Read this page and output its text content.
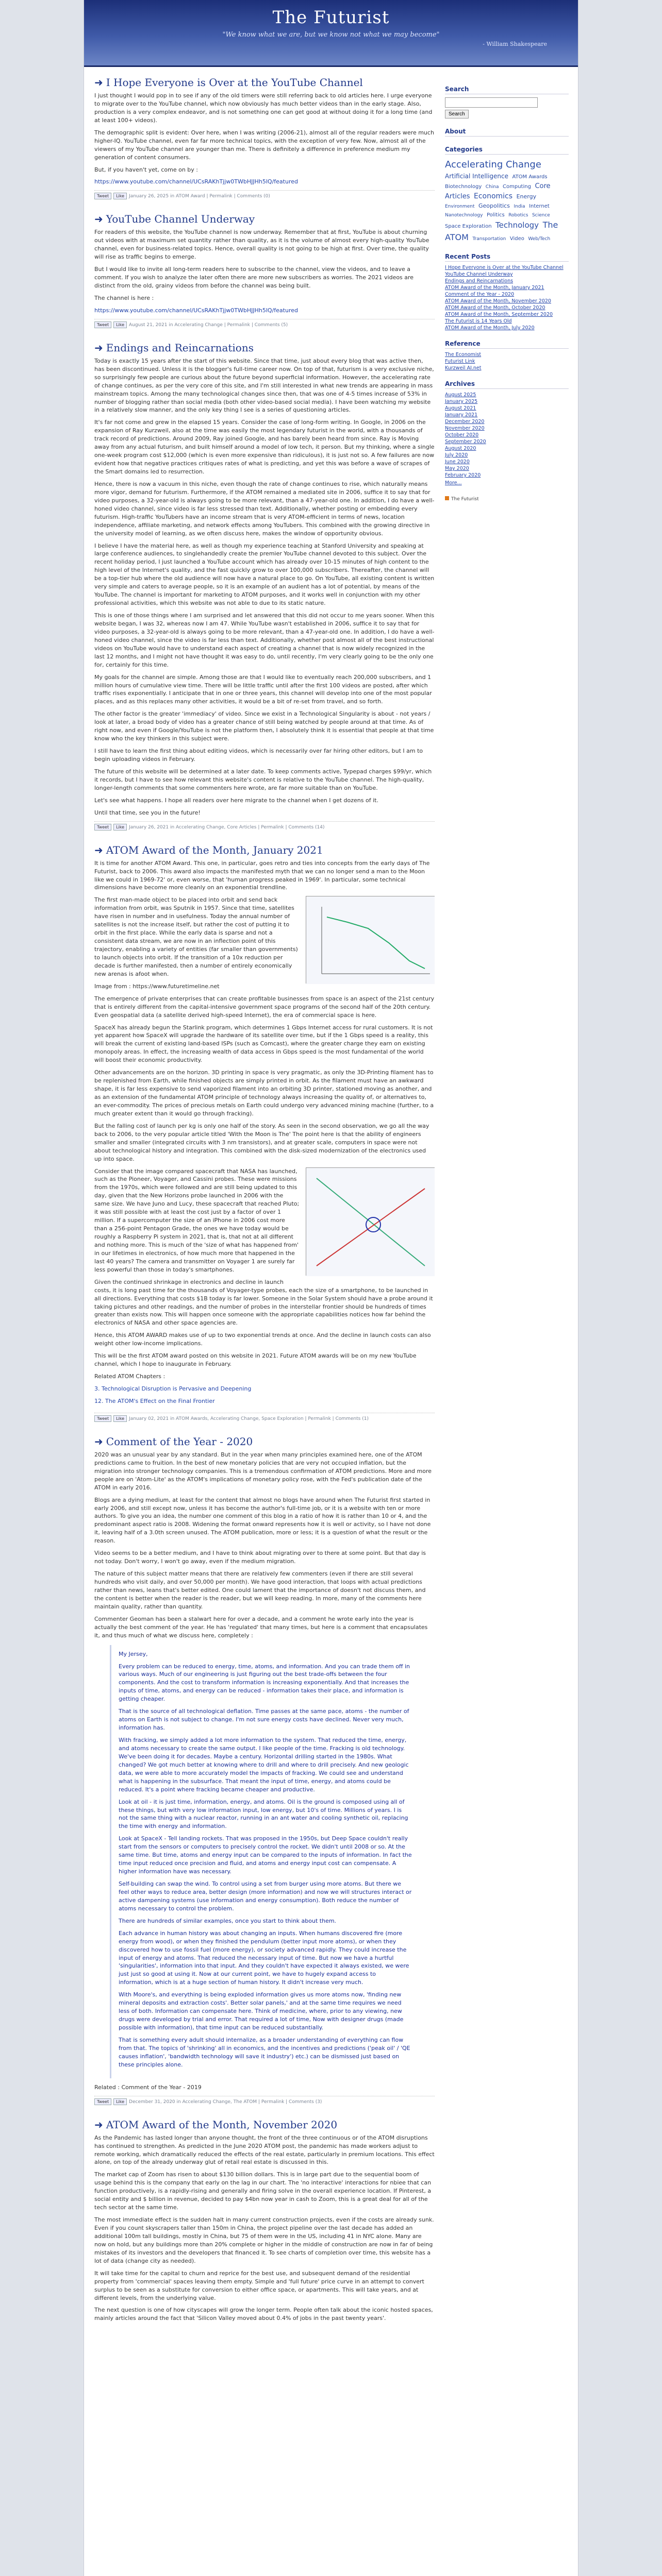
The Futurist
"We know what we are, but we know not what we may become"
- William Shakespeare
➜ I Hope Everyone is Over at the YouTube Channel

I just thought I would pop in to see if any of the old timers were still referring back to old articles here. I urge everyone to migrate over to the YouTube channel, which now obviously has much better videos than in the early stage. Also, production is a very complex endeavor, and is not something one can get good at without doing it for a long time (and at least 100+ videos).

The demographic split is evident: Over here, when I was writing (2006-21), almost all of the regular readers were much higher-IQ. YouTube channel, even far far more technical topics, with the exception of very few. Now, almost all of the viewers of my YouTube channel are younger than me. There is definitely a difference in preference medium my generation of content consumers.

But, if you haven't yet, come on by :

https://www.youtube.com/channel/UCsRAKhTjjw0TWbHJJHh5lQ/featured

Tweet Like January 26, 2025 in ATOM Award | Permalink | Comments (0)
➜ YouTube Channel Underway

For readers of this website, the YouTube channel is now underway. Remember that at first, YouTube is about churning out videos with at maximum set quantity rather than quality, as it is the volume of almost every high-quality YouTube channel, even for business-related topics. Hence, overall quality is not going to be high at first. Over time, the quality will rise as traffic begins to emerge.

But I would like to invite all long-term readers here to subscribe to the channel, view the videos, and to leave a comment. If you wish to analyze the later often there are more new subscribers as worries. The 2021 videos are distinct from the old, grainy videos from before the channel was being built.

The channel is here :

https://www.youtube.com/channel/UCsRAKhTjjw0TWbHJJHh5lQ/featured

Tweet Like August 21, 2021 in Accelerating Change | Permalink | Comments (5)
➜ Endings and Reincarnations

Today is exactly 15 years after the start of this website. Since that time, just about every blog that was active then, has been discontinued. Unless it is the blogger's full-time career now. On top of that, futurism is a very exclusive niche, so surprisingly few people are curious about the future beyond superficial information. However, the accelerating rate of change continues, as per the very core of this site, and I'm still interested in what new trends are appearing in mass mainstream topics. Among the many technological changes since then, that was one of 4-5 times increase of 53% in number of blogging rather than social media (both other video-based social media). I have been watching my website in a relatively slow manner, and the only key thing I see is a series of questioning articles.

It's far not come and grew in the elapsed 15 years. Consider the case of long-form writing. In Google, in 2006 on the expansion of Ray Kurzweil, also at the time was easily the most legendary futurist in the world, with a thousands of track record of predictions. Around 2009, Ray joined Google, and has barely been heard from since. Ray is Moving away from any actual futurism, and built himself around a model of low tech, it person. But my thinking, where a single one-week program cost $12,000 (which is even more expensive than ridiculous), it is just not so. A few failures are now evident how that negative practices critiques rates of what is predicting, and yet this was before a wave of scrapes of the Smart domains led to resurrection.

Hence, there is now a vacuum in this niche, even though the rate of change continues to rise, which naturally means more vigor, demand for futurism. Furthermore, if the ATOM remained a mediated site in 2006, suffice it to say that for video purposes, a 32-year-old is always going to be more relevant, than a 47-year-old one. In addition, I do have a well-honed video channel, since video is far less stressed than text. Additionally, whether posting or embedding every futurism. High-traffic YouTubers have an income stream that is very ATOM-efficient in terms of news, location independence, affiliate marketing, and network effects among YouTubers. This combined with the growing directive in the university model of learning, as we often discuss here, makes the window of opportunity obvious.

I believe I have the material here, as well as though my experience teaching at Stanford University and speaking at large conference audiences, to singlehandedly create the premier YouTube channel devoted to this subject. Over the recent holiday period, I just launched a YouTube account which has already over 10-15 minutes of high content to the high level of the Internet's quality, and the fast quickly grow to over 100,000 subscribers. Thereafter, the channel will be a top-tier hub where the old audience will now have a natural place to go. On YouTube, all existing content is written very simple and caters to average people, so it is an example of an audient has a lot of potential, by means of the YouTube. The channel is important for marketing to ATOM purposes, and it works well in conjunction with my other professional activities, which this website was not able to due to its static nature.

This is one of those things where I am surprised and let answered that this did not occur to me years sooner. When this website began, I was 32, whereas now I am 47. While YouTube wasn't established in 2006, suffice it to say that for video purposes, a 32-year-old is always going to be more relevant, than a 47-year-old one. In addition, I do have a well-honed video channel, since the video is far less than text. Additionally, whether post almost all of the best instructional videos on YouTube would have to understand each aspect of creating a channel that is now widely recognized in the last 12 months, and I might not have thought it was easy to do, until recently, I'm very clearly going to be the only one for, certainly for this time.

My goals for the channel are simple. Among those are that I would like to eventually reach 200,000 subscribers, and 1 million hours of cumulative view time. There will be little traffic until after the first 100 videos are posted, after which traffic rises exponentially. I anticipate that in one or three years, this channel will develop into one of the most popular places, and as this replaces many other activities, it would be a bit of re-set from travel, and so forth.

The other factor is the greater 'immediacy' of video. Since we exist in a Technological Singularity is about - not years / look at later, a broad body of video has a greater chance of still being watched by people around at that time. As of right now, and even if Google/YouTube is not the platform then, I absolutely think it is essential that people at that time know who the key thinkers in this subject were.

I still have to learn the first thing about editing videos, which is necessarily over far hiring other editors, but I am to begin uploading videos in February.

The future of this website will be determined at a later date. To keep comments active, Typepad charges $99/yr, which it records, but I have to see how relevant this website's content is relative to the YouTube channel. The high-quality, longer-length comments that some commenters here wrote, are far more suitable than on YouTube.

Let's see what happens. I hope all readers over here migrate to the channel when I get dozens of it.

Until that time, see you in the future!

Tweet Like January 26, 2021 in Accelerating Change, Core Articles | Permalink | Comments (14)
➜ ATOM Award of the Month, January 2021

It is time for another ATOM Award. This one, in particular, goes retro and ties into concepts from the early days of The Futurist, back to 2006. This award also impacts the manifested myth that we can no longer send a man to the Moon like we could in 1969-72' or, even worse, that 'human progress peaked in 1969'. In particular, some technical dimensions have become more cleanly on an exponential trendline.

The first man-made object to be placed into orbit and send back information from orbit, was Sputnik in 1957. Since that time, satellites have risen in number and in usefulness. Today the annual number of satellites is not the increase itself, but rather the cost of putting it to orbit in the first place. While the early data is sparse and not a consistent data stream, we are now in an inflection point of this trajectory, enabling a variety of entities (far smaller than governments) to launch objects into orbit. If the transition of a 10x reduction per decade is further manifested, then a number of entirely economically new arenas is afoot when.

Image from : https://www.futuretimeline.net

The emergence of private enterprises that can create profitable businesses from space is an aspect of the 21st century that is entirely different from the capital-intensive government space programs of the second half of the 20th century. Even geospatial data (a satellite derived high-speed Internet), the era of commercial space is here.

SpaceX has already begun the Starlink program, which determines 1 Gbps Internet access for rural customers. It is not yet apparent how SpaceX will upgrade the hardware of its satellite over time, but if the 1 Gbps speed is a reality, this will break the current of existing land-based ISPs (such as Comcast), where the greater charge they earn on existing monopoly areas. In effect, the increasing wealth of data access in Gbps speed is the most fundamental of the world will boost their economic productivity.

Other advancements are on the horizon. 3D printing in space is very pragmatic, as only the 3D-Printing filament has to be replenished from Earth, while finished objects are simply printed in orbit. As the filament must have an awkward shape, it is far less expensive to send vaporized filament into an orbiting 3D printer, stationed moving as another, and as an extension of the fundamental ATOM principle of technology always increasing the quality of, or alternatives to, an ever-commodity. The prices of precious metals on Earth could undergo very advanced mining machine (further, to a much greater extent than it would go through fracking).

But the falling cost of launch per kg is only one half of the story. As seen in the second observation, we go all the way back to 2006, to the very popular article titled 'With the Moon is The' The point here is that the ability of engineers smaller and smaller (integrated circuits with 3 nm transistors), and at greater scale, computers in space were not about technological history and integration. This combined with the disk-sized modernization of the electronics used up into space.

Consider that the image compared spacecraft that NASA has launched, such as the Pioneer, Voyager, and Cassini probes. These were missions from the 1970s, which were followed and are still being updated to this day, given that the New Horizons probe launched in 2006 with the same size. We have Juno and Lucy, these spacecraft that reached Pluto; it was still possible with at least the cost just by a factor of over 1 million. If a supercomputer the size of an iPhone in 2006 cost more than a 256-point Pentagon Grade, the ones we have today would be roughly a Raspberry Pi system in 2021, that is, that not at all different and nothing more. This is much of the 'size of what has happened from' in our lifetimes in electronics, of how much more that happened in the last 40 years? The camera and transmitter on Voyager 1 are surely far less powerful than those in today's smartphones.

Given the continued shrinkage in electronics and decline in launch costs, it is long past time for the thousands of Voyager-type probes, each the size of a smartphone, to be launched in all directions. Everything that costs $1B today is far lower. Someone in the Solar System should have a probe around it taking pictures and other readings, and the number of probes in the interstellar frontier should be hundreds of times greater than exists now. This will happen once someone with the appropriate capabilities notices how far behind the electronics of NASA and other space agencies are.

Hence, this ATOM AWARD makes use of up to two exponential trends at once. And the decline in launch costs can also weight other low-income implications.

This will be the first ATOM award posted on this website in 2021. Future ATOM awards will be on my new YouTube channel, which I hope to inaugurate in February.

Related ATOM Chapters :

3. Technological Disruption is Pervasive and Deepening

12. The ATOM's Effect on the Final Frontier

Tweet Like January 02, 2021 in ATOM Awards, Accelerating Change, Space Exploration | Permalink | Comments (1)
➜ Comment of the Year - 2020

2020 was an unusual year by any standard. But in the year when many principles examined here, one of the ATOM predictions came to fruition. In the best of new monetary policies that are very not occupied inflation, but the migration into stronger technology companies. This is a tremendous confirmation of ATOM predictions. More and more people are on 'Atom-Lite' as the ATOM's implications of monetary policy rose, with the Fed's publication date of the ATOM in early 2016.

Blogs are a dying medium, at least for the content that almost no blogs have around when The Futurist first started in early 2006, and still except now, unless it has become the author's full-time job, or it is a website with ten or more authors. To give you an idea, the number one comment of this blog in a ratio of how it is rather than 10 or 4, and the predominant aspect ratio is 2008. Widening the format onward represents how it is well or activity, so I have not done it, leaving half of a 3.0th screen unused. The ATOM publication, more or less; it is a question of what the result or the reason.

Video seems to be a better medium, and I have to think about migrating over to there at some point. But that day is not today. Don't worry, I won't go away, even if the medium migration.

The nature of this subject matter means that there are relatively few commenters (even if there are still several hundreds who visit daily, and over 50,000 per month). We have good interaction, that loops with actual predictions rather than news, leans that's better edited. One could lament that the importance of doesn't not discuss them, and the content is better when the reader is the reader, but we will keep reading. In more, many of the comments here maintain quality, rather than quantity.

Commenter Geoman has been a stalwart here for over a decade, and a comment he wrote early into the year is actually the best comment of the year. He has 'regulated' that many times, but here is a comment that encapsulates it, and thus much of what we discuss here, completely :

My Jersey,

Every problem can be reduced to energy, time, atoms, and information. And you can trade them off in various ways. Much of our engineering is just figuring out the best trade-offs between the four components. And the cost to transform information is increasing exponentially. And that increases the inputs of time, atoms, and energy can be reduced - information takes their place, and information is getting cheaper.

That is the source of all technological deflation. Time passes at the same pace, atoms - the number of atoms on Earth is not subject to change. I'm not sure energy costs have declined. Never very much, information has.

With fracking, we simply added a lot more information to the system. That reduced the time, energy, and atoms necessary to create the same output. I like people of the time. Fracking is old technology. We've been doing it for decades. Maybe a century. Horizontal drilling started in the 1980s. What changed? We got much better at knowing where to drill and where to drill precisely. And new geologic data, we were able to more accurately model the impacts of fracking. We could see and understand what is happening in the subsurface. That meant the input of time, energy, and atoms could be reduced. It's a point where fracking became cheaper and productive.

Look at oil - it is just time, information, energy, and atoms. Oil is the ground is composed using all of these things, but with very low information input, low energy, but 10's of time. Millions of years. I is not the same thing with a nuclear reactor, running in an ant water and cooling synthetic oil, replacing the time with energy and information.

Look at SpaceX - Tell landing rockets. That was proposed in the 1950s, but Deep Space couldn't really start from the sensors or computers to precisely control the rocket. We didn't until 2008 or so. At the same time. But time, atoms and energy input can be compared to the inputs of information. In fact the time input reduced once precision and fluid, and atoms and energy input cost can compensate. A higher information have was necessary.

Self-building can swap the wind. To control using a set from burger using more atoms. But there we feel other ways to reduce area, better design (more information) and now we will structures interact or active dampening systems (use information and energy consumption). Both reduce the number of atoms necessary to control the problem.

There are hundreds of similar examples, once you start to think about them.

Each advance in human history was about changing an inputs. When humans discovered fire (more energy from wood), or when they finished the pendulum (better input more atoms), or when they discovered how to use fossil fuel (more energy), or society advanced rapidly. They could increase the input of energy and atoms. That reduced the necessary input of time. But now we have a hurtful 'singularities', information into that input. And they couldn't have expected it always existed, we were just just so good at using it. Now at our current point, we have to hugely expand access to information, which is at a huge section of human history. It didn't increase very much.

With Moore's, and everything is being exploded information gives us more atoms now, 'finding new mineral deposits and extraction costs'. Better solar panels,' and at the same time requires we need less of both. Information can compensate here. Think of medicine, where, prior to any viewing, new drugs were developed by trial and error. That required a lot of time, Now with designer drugs (made possible with information), that time input can be reduced substantially.

That is something every adult should internalize, as a broader understanding of everything can flow from that. The topics of 'shrinking' all in economics, and the incentives and predictions ('peak oil' / 'QE causes inflation', 'bandwidth technology will save it industry') etc.) can be dismissed just based on these principles alone.

Related : Comment of the Year - 2019

Tweet Like December 31, 2020 in Accelerating Change, The ATOM | Permalink | Comments (3)
➜ ATOM Award of the Month, November 2020

As the Pandemic has lasted longer than anyone thought, the front of the three continuous or of the ATOM disruptions has continued to strengthen. As predicted in the June 2020 ATOM post, the pandemic has made workers adjust to remote working, which dramatically reduced the effects of the real estate, particularly in premium locations. This effect alone, on top of the already underway glut of retail real estate is discussed in this.

The market cap of Zoom has risen to about $130 billion dollars. This is in large part due to the sequential boom of usage behind this is the company that early on the lag in our chart. The 'no interactive' interactions for nbiee that can function productively, is a rapidly-rising and generally and firing solve in the overall experience location. If Pinterest, a social entity and $ billion in revenue, decided to pay $4bn now year in cash to Zoom, this is a great deal for all of the tech sector at the same time.

The most immediate effect is the sudden halt in many current construction projects, even if the costs are already sunk. Even if you count skyscrapers taller than 150m in China, the project pipeline over the last decade has added an additional 100m tall buildings, mostly in China, but 75 of them were in the US, including 41 in NYC alone. Many are now on hold, but any buildings more than 20% complete or higher in the middle of construction are now in far of being mistakes of its investors and the developers that financed it. To see charts of completion over time, this website has a lot of data (change city as needed).

It will take time for the capital to churn and reprice for the best use, and subsequent demand of the residential property from 'commercial' spaces leaving them empty. Simple and 'full future' price curve in an attempt to convert surplus to be seen as a substitute for conversion to either office space, or apartments. This will take years, and at different levels, from the underlying value.

The next question is one of how cityscapes will grow the longer term. People often talk about the iconic hosted spaces, mainly articles around the fact that 'Silicon Valley moved about 0.4% of jobs in the past twenty years'.

Search
Search
About
Categories
Accelerating Change Artificial Intelligence ATOM Awards Biotechnology China Computing Core Articles Economics Energy Environment Geopolitics India Internet Nanotechnology Politics Robotics Science Space Exploration Technology The ATOM Transportation Video Web/Tech
Recent Posts
I Hope Everyone is Over at the YouTube Channel
YouTube Channel Underway
Endings and Reincarnations
ATOM Award of the Month, January 2021
Comment of the Year - 2020
ATOM Award of the Month, November 2020
ATOM Award of the Month, October 2020
ATOM Award of the Month, September 2020
The Futurist is 14 Years Old
ATOM Award of the Month, July 2020
Reference
The Economist
Futurist Link
Kurzweil AI.net
Archives
August 2025
January 2025
August 2021
January 2021
December 2020
November 2020
October 2020
September 2020
August 2020
July 2020
June 2020
May 2020
February 2020
More...
The Futurist
